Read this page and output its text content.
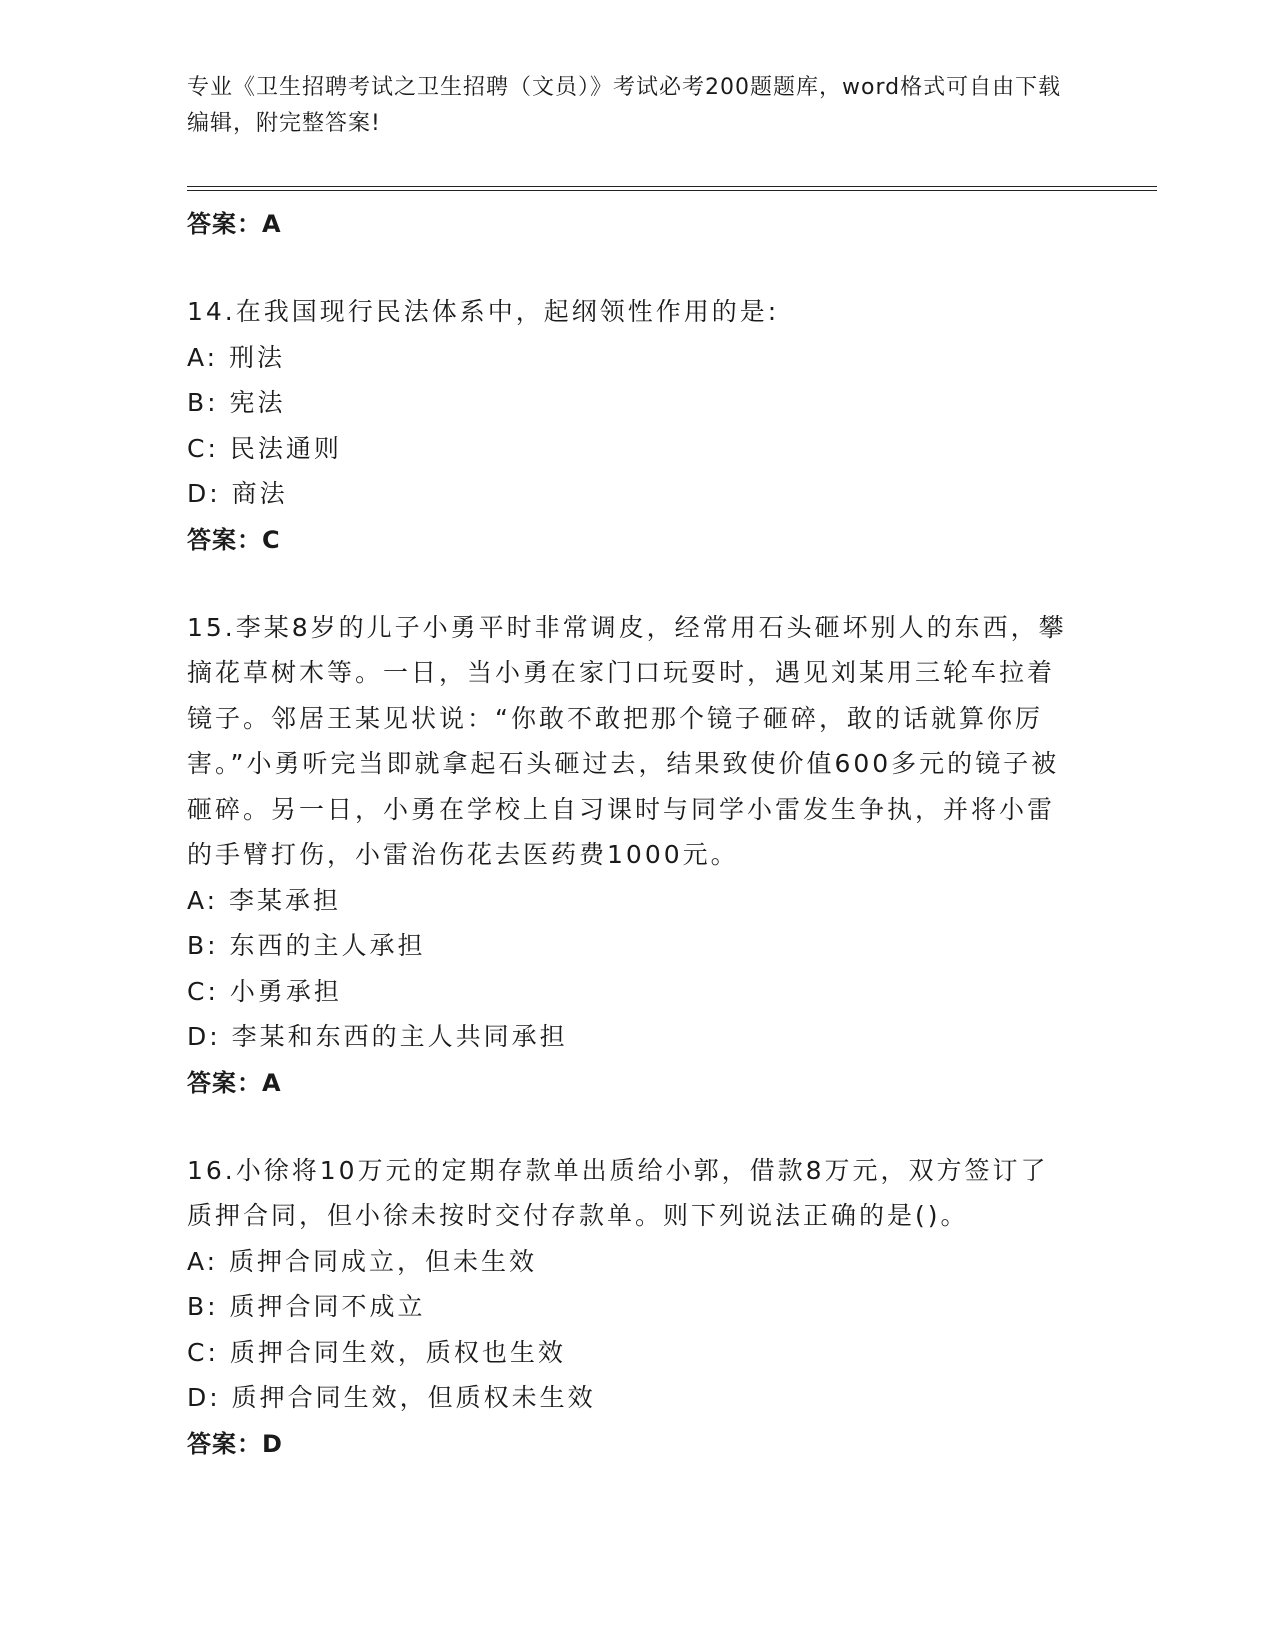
专业《卫生招聘考试之卫生招聘（文员）》考试必考200题题库，word格式可自由下载编辑，附完整答案!

答案：A

14.在我国现行民法体系中，起纲领性作用的是:

A: 刑法

B: 宪法

C: 民法通则

D: 商法

答案：C

15.李某8岁的儿子小勇平时非常调皮，经常用石头砸坏别人的东西，攀摘花草树木等。一日，当小勇在家门口玩耍时，遇见刘某用三轮车拉着镜子。邻居王某见状说：“你敢不敢把那个镜子砸碎，敢的话就算你厉害。”小勇听完当即就拿起石头砸过去，结果致使价值600多元的镜子被砸碎。另一日，小勇在学校上自习课时与同学小雷发生争执，并将小雷的手臂打伤，小雷治伤花去医药费1000元。

A: 李某承担

B: 东西的主人承担

C: 小勇承担

D: 李某和东西的主人共同承担

答案：A

16.小徐将10万元的定期存款单出质给小郭，借款8万元，双方签订了质押合同，但小徐未按时交付存款单。则下列说法正确的是()。

A: 质押合同成立，但未生效

B: 质押合同不成立

C: 质押合同生效，质权也生效

D: 质押合同生效，但质权未生效

答案：D
